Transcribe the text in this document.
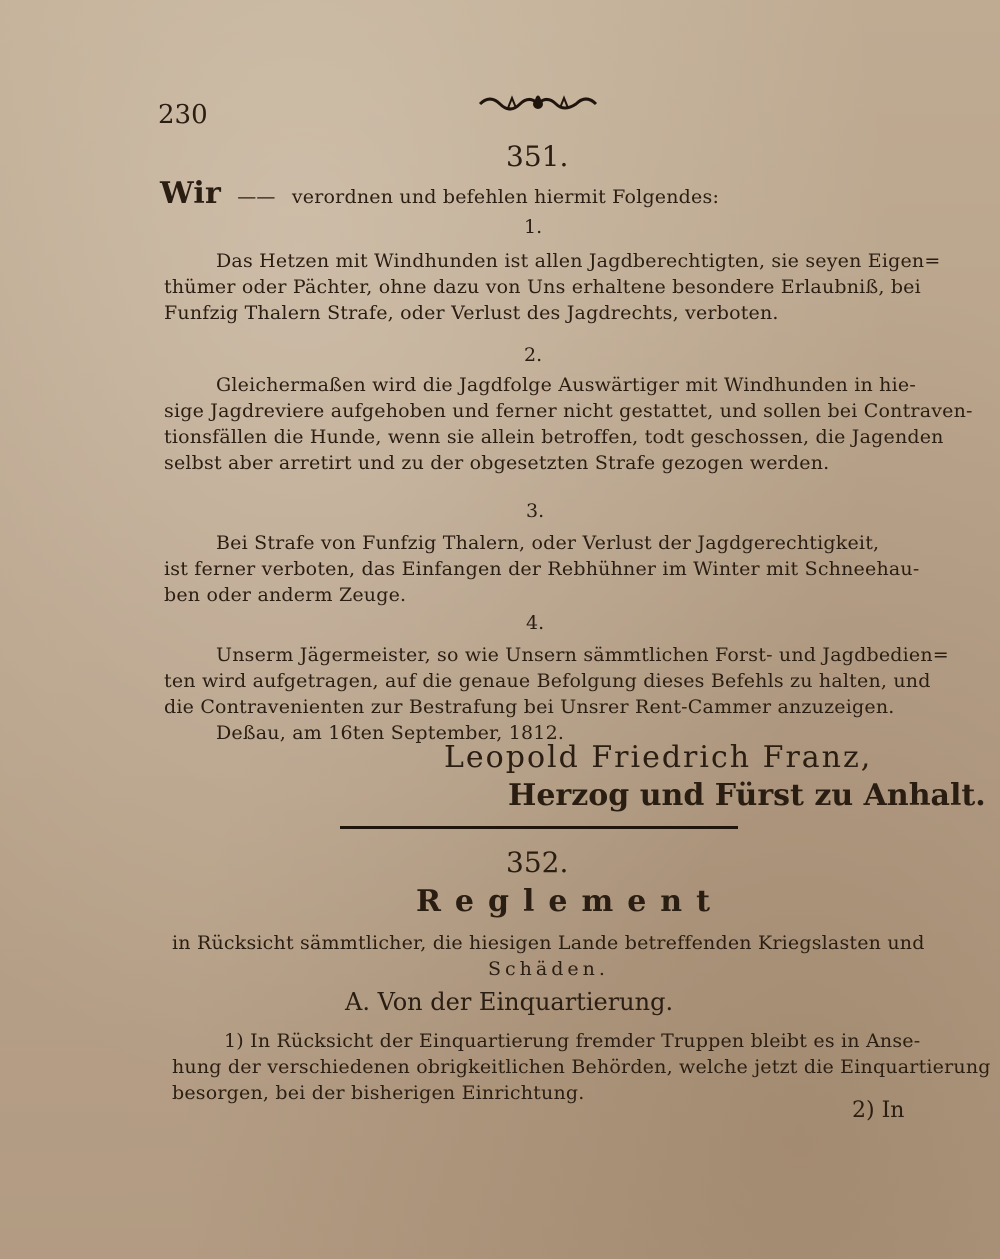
230
351.
Wir —— verordnen und befehlen hiermit Folgendes:
1.
Das Hetzen mit Windhunden ist allen Jagdberechtigten, sie seyen Eigen=
thümer oder Pächter, ohne dazu von Uns erhaltene besondere Erlaubniß, bei
Funfzig Thalern Strafe, oder Verlust des Jagdrechts, verboten.
2.
Gleichermaßen wird die Jagdfolge Auswärtiger mit Windhunden in hie-
sige Jagdreviere aufgehoben und ferner nicht gestattet, und sollen bei Contraven-
tionsfällen die Hunde, wenn sie allein betroffen, todt geschossen, die Jagenden
selbst aber arretirt und zu der obgesetzten Strafe gezogen werden.
3.
Bei Strafe von Funfzig Thalern, oder Verlust der Jagdgerechtigkeit,
ist ferner verboten, das Einfangen der Rebhühner im Winter mit Schneehau-
ben oder anderm Zeuge.
4.
Unserm Jägermeister, so wie Unsern sämmtlichen Forst- und Jagdbedien=
ten wird aufgetragen, auf die genaue Befolgung dieses Befehls zu halten, und
die Contravenienten zur Bestrafung bei Unsrer Rent-Cammer anzuzeigen.
Deßau, am 16ten September, 1812.
Leopold Friedrich Franz,
Herzog und Fürst zu Anhalt.
352.
Reglement
in Rücksicht sämmtlicher, die hiesigen Lande betreffenden Kriegslasten und
Schäden.
A. Von der Einquartierung.
1) In Rücksicht der Einquartierung fremder Truppen bleibt es in Anse-
hung der verschiedenen obrigkeitlichen Behörden, welche jetzt die Einquartierung
besorgen, bei der bisherigen Einrichtung.
2) In
